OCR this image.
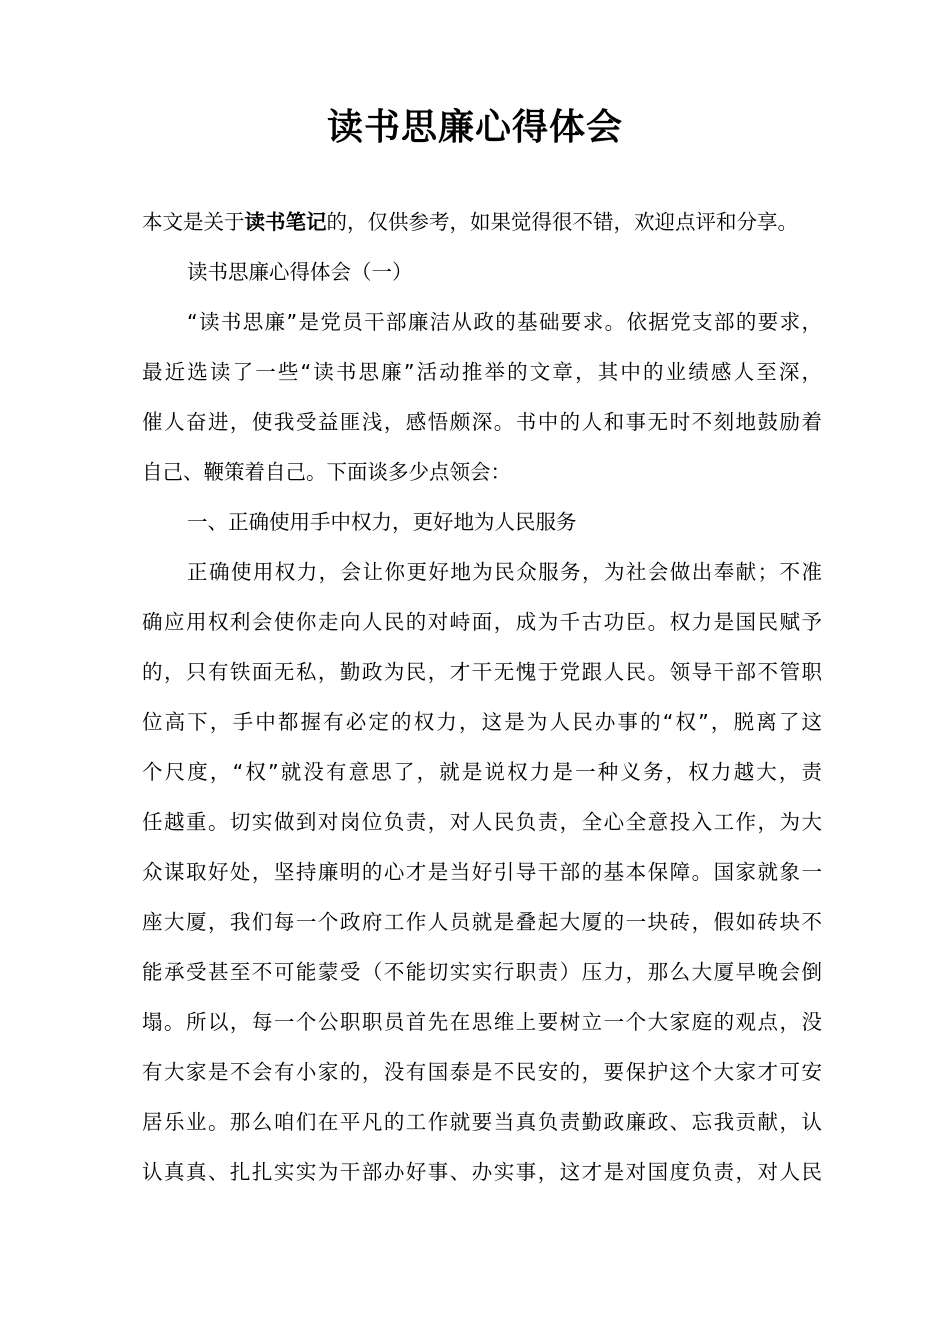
读书思廉心得体会
本文是关于读书笔记的，仅供参考，如果觉得很不错，欢迎点评和分享。
读书思廉心得体会（一）
“读书思廉”是党员干部廉洁从政的基础要求。依据党支部的要求，
最近选读了一些“读书思廉”活动推举的文章，其中的业绩感人至深，
催人奋进，使我受益匪浅，感悟颇深。书中的人和事无时不刻地鼓励着
自己、鞭策着自己。下面谈多少点领会：
一、正确使用手中权力，更好地为人民服务
正确使用权力，会让你更好地为民众服务，为社会做出奉献；不准
确应用权利会使你走向人民的对峙面，成为千古功臣。权力是国民赋予
的，只有铁面无私，勤政为民，才干无愧于党跟人民。领导干部不管职
位高下，手中都握有必定的权力，这是为人民办事的“权”，脱离了这
个尺度，“权”就没有意思了，就是说权力是一种义务，权力越大，责
任越重。切实做到对岗位负责，对人民负责，全心全意投入工作，为大
众谋取好处，坚持廉明的心才是当好引导干部的基本保障。国家就象一
座大厦，我们每一个政府工作人员就是叠起大厦的一块砖，假如砖块不
能承受甚至不可能蒙受（不能切实实行职责）压力，那么大厦早晚会倒
塌。所以，每一个公职职员首先在思维上要树立一个大家庭的观点，没
有大家是不会有小家的，没有国泰是不民安的，要保护这个大家才可安
居乐业。那么咱们在平凡的工作就要当真负责勤政廉政、忘我贡献，认
认真真、扎扎实实为干部办好事、办实事，这才是对国度负责，对人民
